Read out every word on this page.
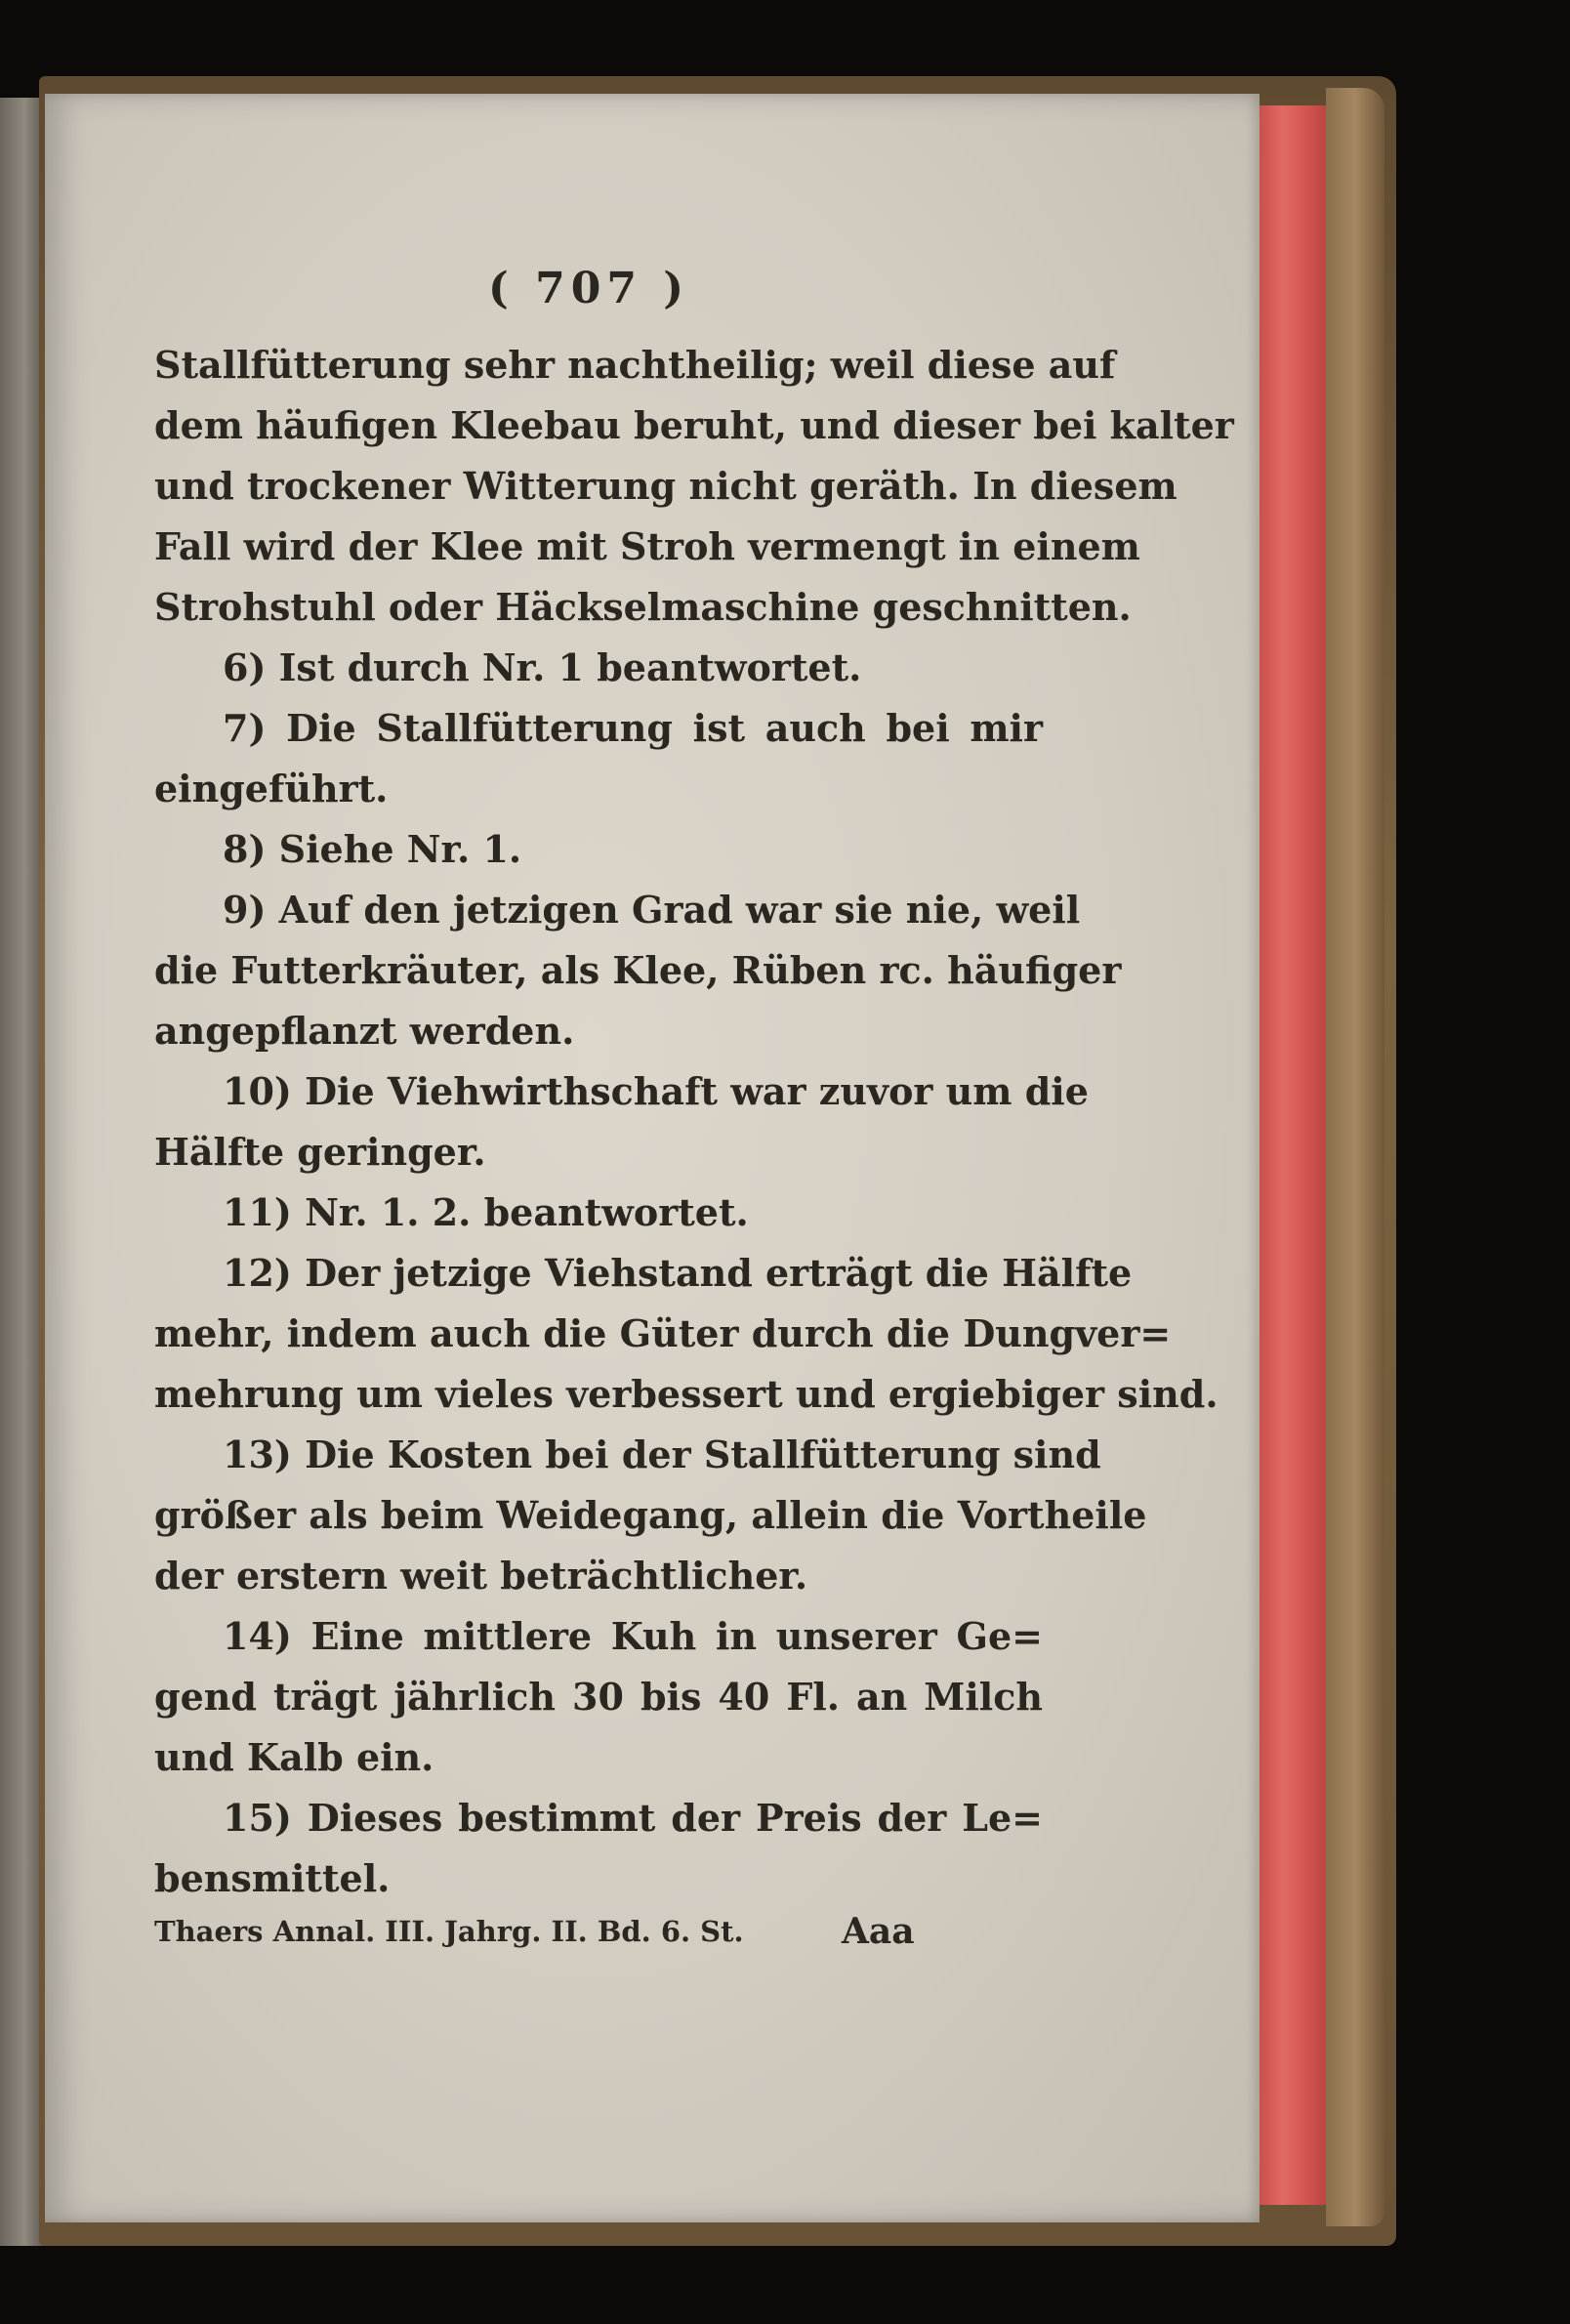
( 707 )
Stallfütterung sehr nachtheilig; weil diese auf
dem häufigen Kleebau beruht, und dieser bei kalter
und trockener Witterung nicht geräth. In diesem
Fall wird der Klee mit Stroh vermengt in einem
Strohstuhl oder Häckselmaschine geschnitten.
6) Ist durch Nr. 1 beantwortet.
7) Die Stallfütterung ist auch bei mir
eingeführt.
8) Siehe Nr. 1.
9) Auf den jetzigen Grad war sie nie, weil
die Futterkräuter, als Klee, Rüben rc. häufiger
angepflanzt werden.
10) Die Viehwirthschaft war zuvor um die
Hälfte geringer.
11) Nr. 1. 2. beantwortet.
12) Der jetzige Viehstand erträgt die Hälfte
mehr, indem auch die Güter durch die Dungver=
mehrung um vieles verbessert und ergiebiger sind.
13) Die Kosten bei der Stallfütterung sind
größer als beim Weidegang, allein die Vortheile
der erstern weit beträchtlicher.
14) Eine mittlere Kuh in unserer Ge=
gend trägt jährlich 30 bis 40 Fl. an Milch
und Kalb ein.
15) Dieses bestimmt der Preis der Le=
bensmittel.
Thaers Annal. III. Jahrg. II. Bd. 6. St.	Aaa
